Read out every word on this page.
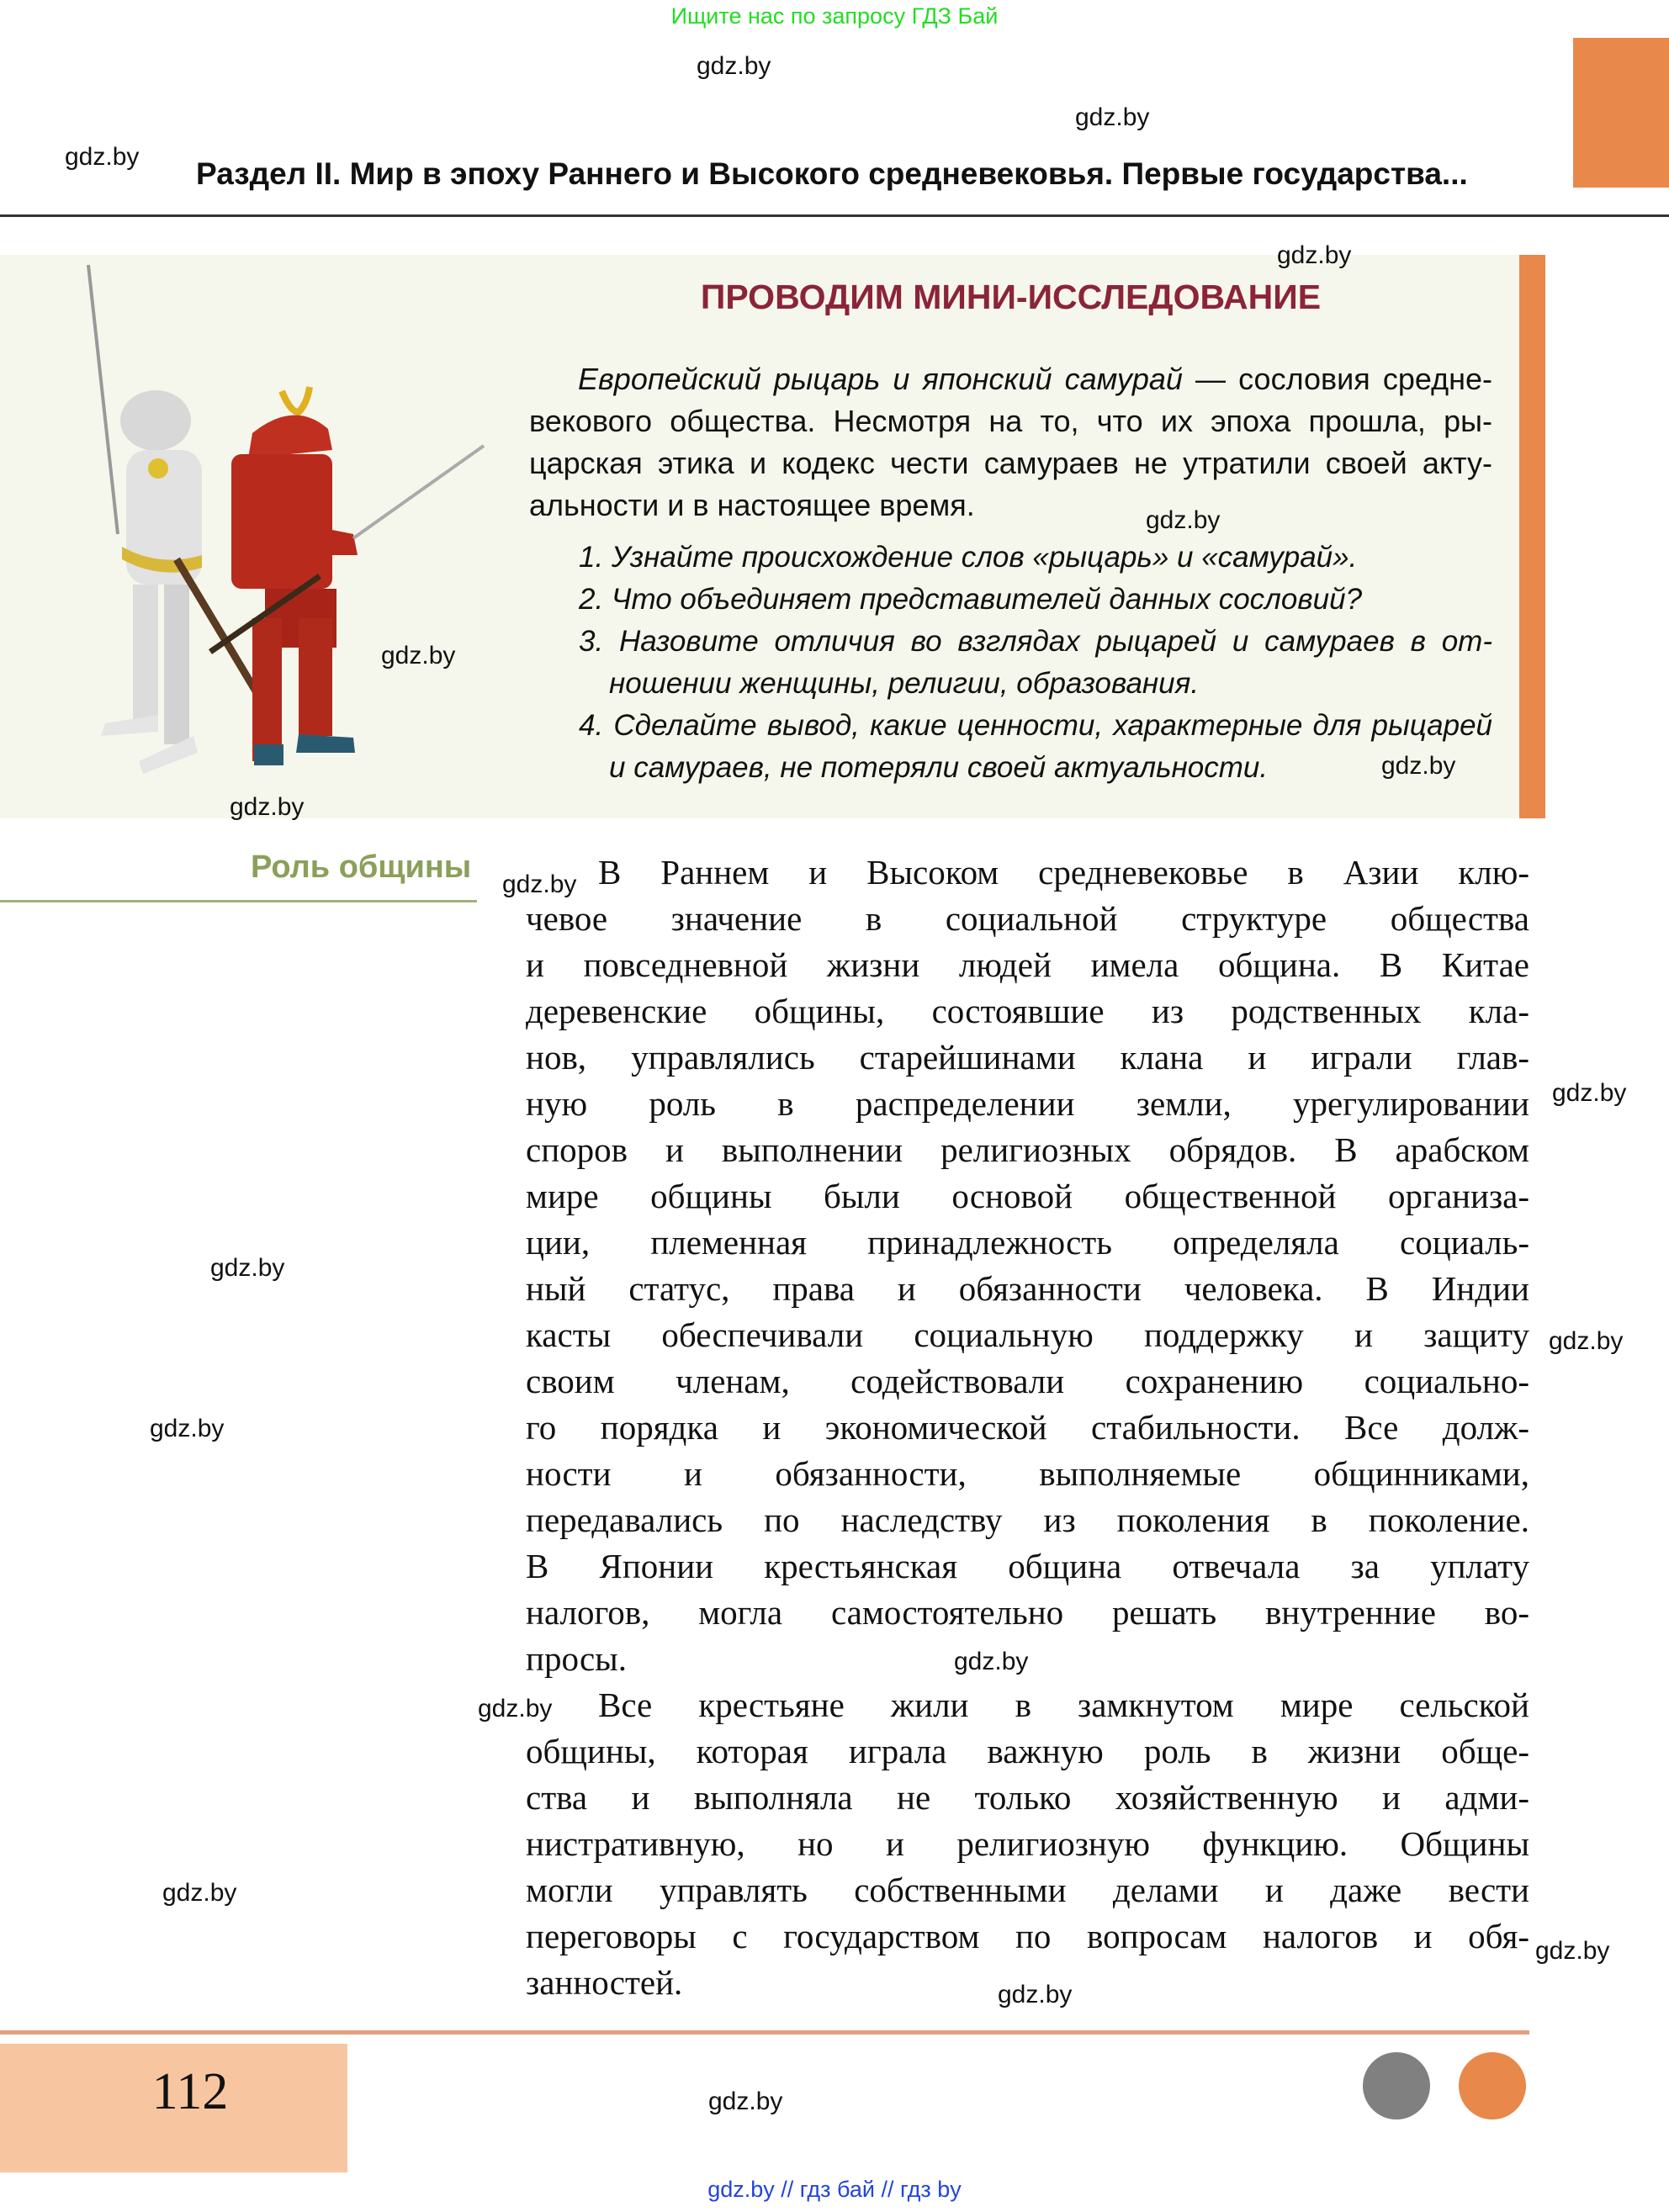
Ищите нас по запросу ГДЗ Бай
Раздел II. Мир в эпоху Раннего и Высокого средневековья. Первые государства...
ПРОВОДИМ МИНИ-ИССЛЕДОВАНИЕ
Европейский рыцарь и японский самурай — сословия средне-
векового общества. Несмотря на то, что их эпоха прошла, ры-
царская этика и кодекс чести самураев не утратили своей акту-
альности и в настоящее время.
1. Узнайте происхождение слов «рыцарь» и «самурай».
2. Что объединяет представителей данных сословий?
3. Назовите отличия во взглядах рыцарей и самураев в от-
ношении женщины, религии, образования.
4. Сделайте вывод, какие ценности, характерные для рыцарей
и самураев, не потеряли своей актуальности.
Роль общины	В Раннем и Высоком средневековье в Азии клю-
чевое значение в социальной структуре общества
и повседневной жизни людей имела община. В Китае
деревенские общины, состоявшие из родственных кла-
нов, управлялись старейшинами клана и играли глав-
ную роль в распределении земли, урегулировании
споров и выполнении религиозных обрядов. В арабском
мире общины были основой общественной организа-
ции, племенная принадлежность определяла социаль-
ный статус, права и обязанности человека. В Индии
касты обеспечивали социальную поддержку и защиту
своим членам, содействовали сохранению социально-
го порядка и экономической стабильности. Все долж-
ности и обязанности, выполняемые общинниками,
передавались по наследству из поколения в поколение.
В Японии крестьянская община отвечала за уплату
налогов, могла самостоятельно решать внутренние во-
просы.
Все крестьяне жили в замкнутом мире сельской
общины, которая играла важную роль в жизни обще-
ства и выполняла не только хозяйственную и адми-
нистративную, но и религиозную функцию. Общины
могли управлять собственными делами и даже вести
переговоры с государством по вопросам налогов и обя-
занностей.
112
gdz.by // гдз бай // гдз by
gdz.by
gdz.by
gdz.by
gdz.by
gdz.by
gdz.by
gdz.by
gdz.by
gdz.by
gdz.by
gdz.by
gdz.by
gdz.by
gdz.by
gdz.by
gdz.by
gdz.by
gdz.by
gdz.by
